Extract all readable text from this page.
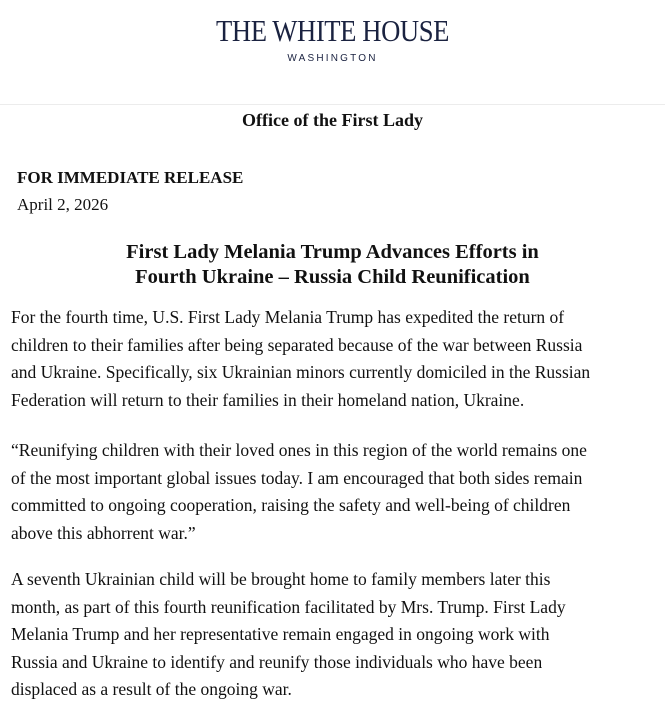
THE WHITE HOUSE
WASHINGTON
Office of the First Lady
FOR IMMEDIATE RELEASE
April 2, 2026
First Lady Melania Trump Advances Efforts in
Fourth Ukraine – Russia Child Reunification
For the fourth time, U.S. First Lady Melania Trump has expedited the return of
children to their families after being separated because of the war between Russia
and Ukraine. Specifically, six Ukrainian minors currently domiciled in the Russian
Federation will return to their families in their homeland nation, Ukraine.
“Reunifying children with their loved ones in this region of the world remains one
of the most important global issues today. I am encouraged that both sides remain
committed to ongoing cooperation, raising the safety and well-being of children
above this abhorrent war.”
A seventh Ukrainian child will be brought home to family members later this
month, as part of this fourth reunification facilitated by Mrs. Trump. First Lady
Melania Trump and her representative remain engaged in ongoing work with
Russia and Ukraine to identify and reunify those individuals who have been
displaced as a result of the ongoing war.
